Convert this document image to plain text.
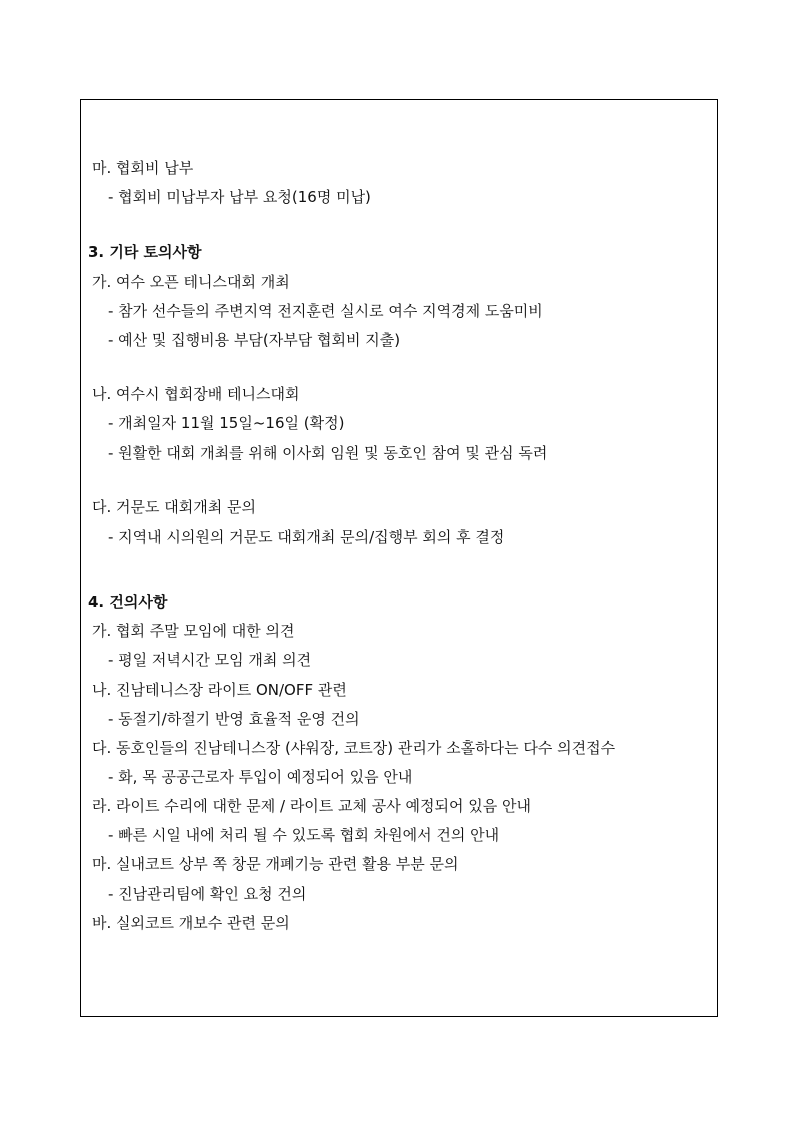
마. 협회비 납부
- 협회비 미납부자 납부 요청(16명 미납)
3. 기타 토의사항
가. 여수 오픈 테니스대회 개최
- 참가 선수들의 주변지역 전지훈련 실시로 여수 지역경제 도움미비
- 예산 및 집행비용 부담(자부담 협회비 지출)
나. 여수시 협회장배 테니스대회
- 개최일자 11월 15일~16일 (확정)
- 원활한 대회 개최를 위해 이사회 임원 및 동호인 참여 및 관심 독려
다. 거문도 대회개최 문의
- 지역내 시의원의 거문도 대회개최 문의/집행부 회의 후 결정
4. 건의사항
가. 협회 주말 모임에 대한 의견
- 평일 저녁시간 모임 개최 의견
나. 진남테니스장 라이트 ON/OFF 관련
- 동절기/하절기 반영 효율적 운영 건의
다. 동호인들의 진남테니스장 (샤워장, 코트장) 관리가 소홀하다는 다수 의견접수
- 화, 목 공공근로자 투입이 예정되어 있음 안내
라. 라이트 수리에 대한 문제 / 라이트 교체 공사 예정되어 있음 안내
- 빠른 시일 내에 처리 될 수 있도록 협회 차원에서 건의 안내
마. 실내코트 상부 쪽 창문 개폐기능 관련 활용 부분 문의
- 진남관리팀에 확인 요청 건의
바. 실외코트 개보수 관련 문의
